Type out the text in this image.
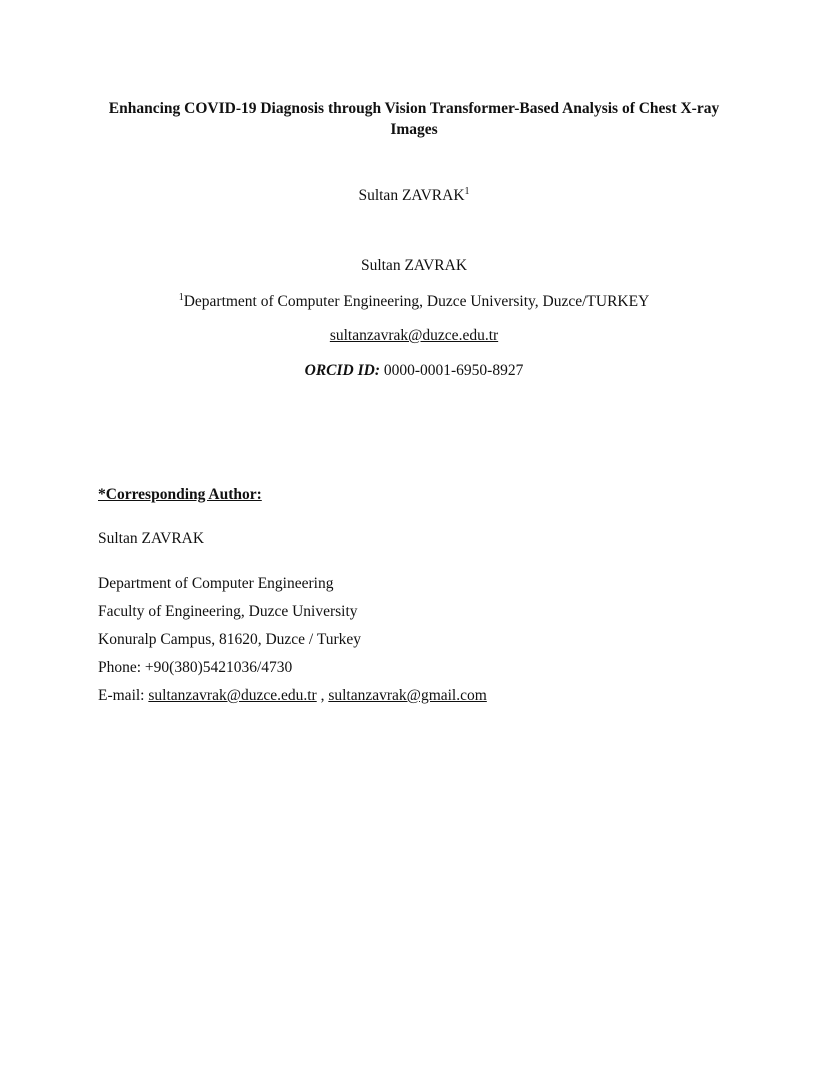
Enhancing COVID-19 Diagnosis through Vision Transformer-Based Analysis of Chest X-ray Images
Sultan ZAVRAK$^1$
Sultan ZAVRAK
$^1$Department of Computer Engineering, Duzce University, Duzce/TURKEY
sultanzavrak@duzce.edu.tr
ORCID ID: 0000-0001-6950-8927
*Corresponding Author:
Sultan ZAVRAK
Department of Computer Engineering
Faculty of Engineering, Duzce University
Konuralp Campus, 81620, Duzce / Turkey
Phone: +90(380)5421036/4730
E-mail: sultanzavrak@duzce.edu.tr , sultanzavrak@gmail.com
